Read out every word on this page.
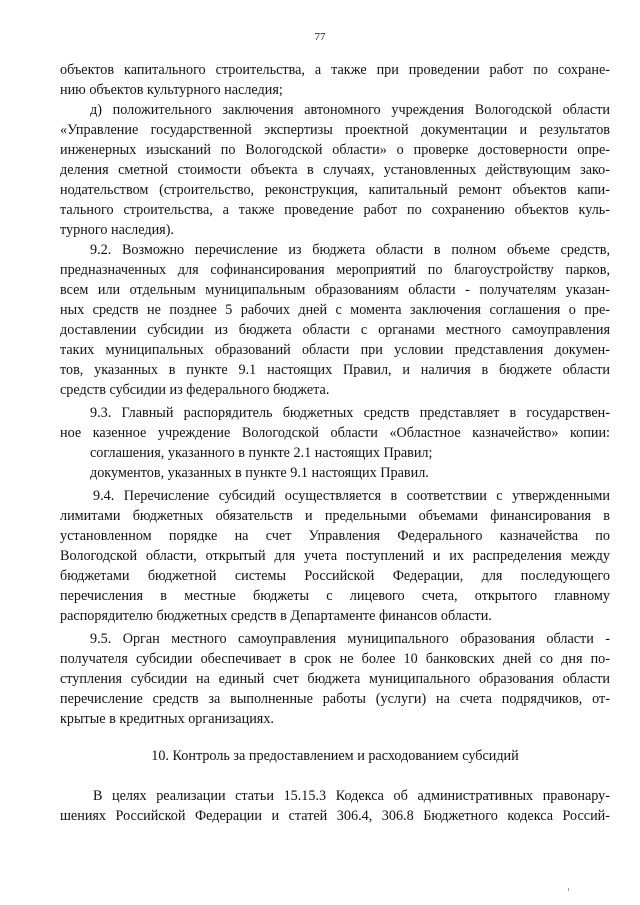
77

объектов капитального строительства, а также при проведении работ по сохране-

нию объектов культурного наследия;

д) положительного заключения автономного учреждения Вологодской области

«Управление государственной экспертизы проектной документации и результатов

инженерных изысканий по Вологодской области» о проверке достоверности опре-

деления сметной стоимости объекта в случаях, установленных действующим зако-

нодательством (строительство, реконструкция, капитальный ремонт объектов капи-

тального строительства, а также проведение работ по сохранению объектов куль-

турного наследия).

9.2. Возможно перечисление из бюджета области в полном объеме средств,

предназначенных для софинансирования мероприятий по благоустройству парков,

всем или отдельным муниципальным образованиям области - получателям указан-

ных средств не позднее 5 рабочих дней с момента заключения соглашения о пре-

доставлении субсидии из бюджета области с органами местного самоуправления

таких муниципальных образований области при условии представления докумен-

тов, указанных в пункте 9.1 настоящих Правил, и наличия в бюджете области

средств субсидии из федерального бюджета.

9.3. Главный распорядитель бюджетных средств представляет в государствен-

ное казенное учреждение Вологодской области «Областное казначейство» копии:

соглашения, указанного в пункте 2.1 настоящих Правил;

документов, указанных в пункте 9.1 настоящих Правил.

9.4. Перечисление субсидий осуществляется в соответствии с утвержденными

лимитами бюджетных обязательств и предельными объемами финансирования в

установленном порядке на счет Управления Федерального казначейства по

Вологодской области, открытый для учета поступлений и их распределения между

бюджетами бюджетной системы Российской Федерации, для последующего

перечисления в местные бюджеты с лицевого счета, открытого главному

распорядителю бюджетных средств в Департаменте финансов области.

9.5. Орган местного самоуправления муниципального образования области -

получателя субсидии обеспечивает в срок не более 10 банковских дней со дня по-

ступления субсидии на единый счет бюджета муниципального образования области

перечисление средств за выполненные работы (услуги) на счета подрядчиков, от-

крытые в кредитных организациях.

10. Контроль за предоставлением и расходованием субсидий

В целях реализации статьи 15.15.3 Кодекса об административных правонару-

шениях Российской Федерации и статей 306.4, 306.8 Бюджетного кодекса Россий-
